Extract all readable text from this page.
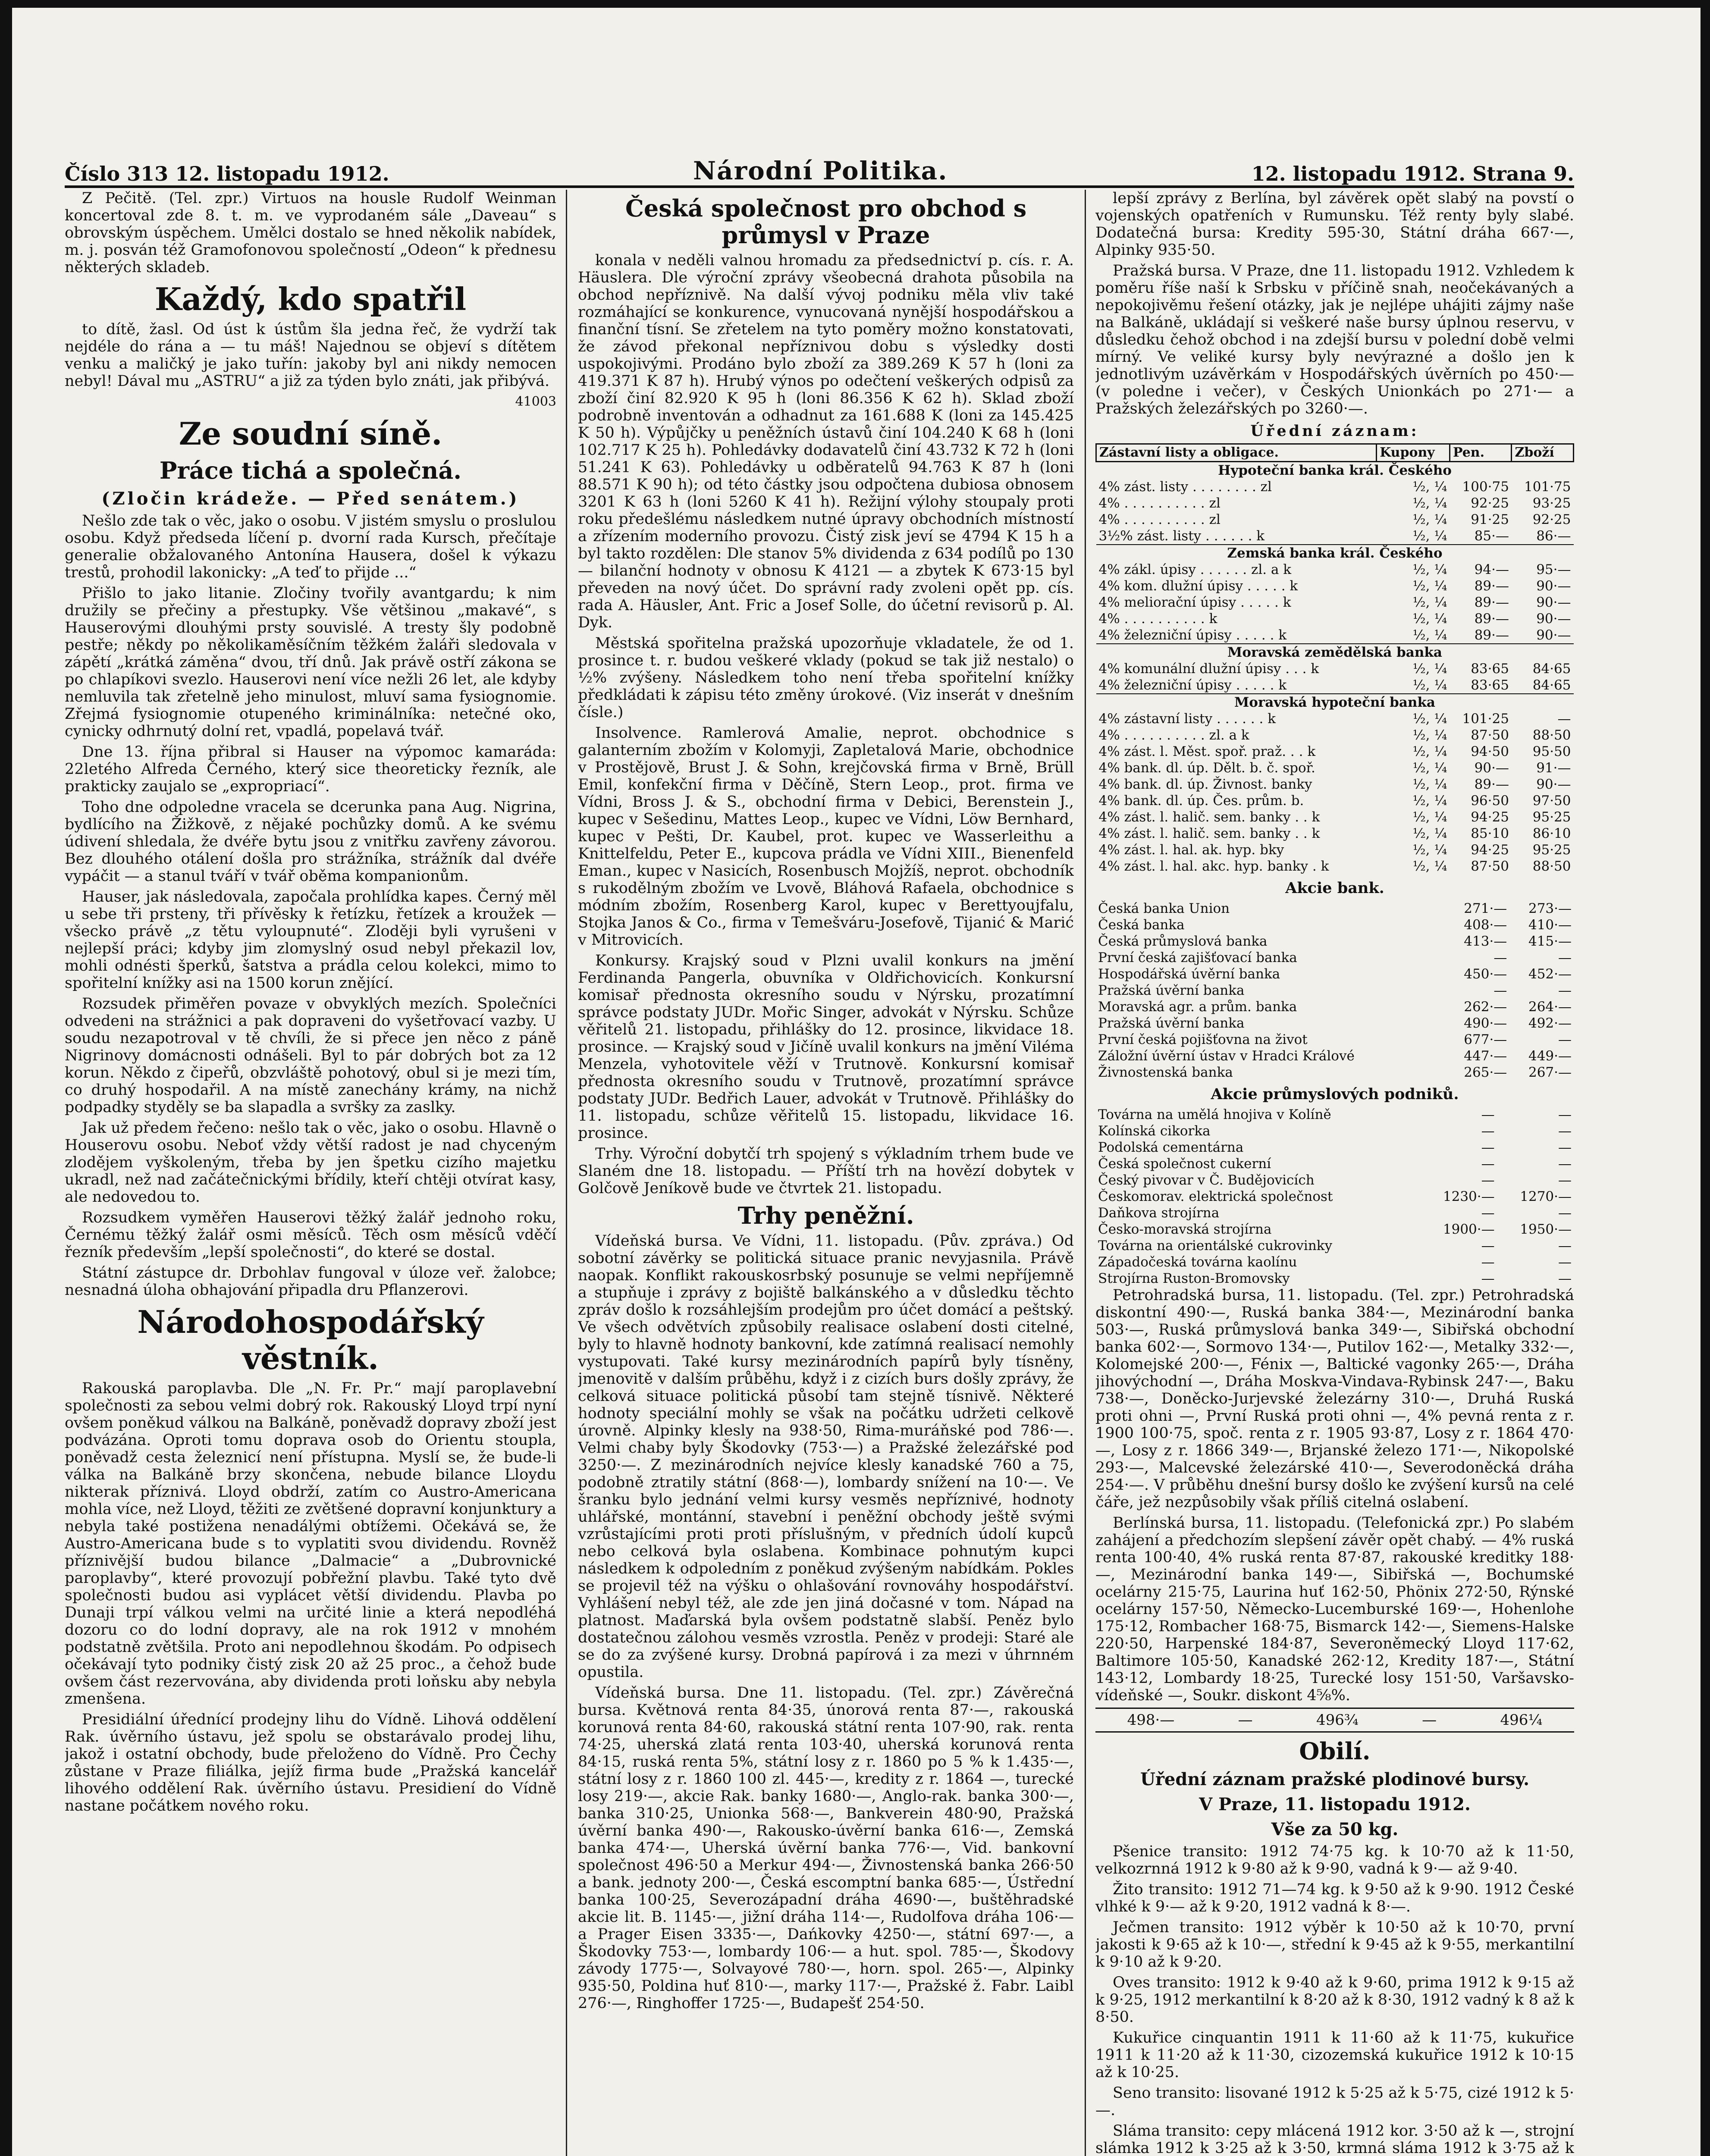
Číslo 313 12. listopadu 1912.	Národní Politika.	12. listopadu 1912. Strana 9.

Z Pečitě. (Tel. zpr.) Virtuos na housle Rudolf Weinman koncertoval zde 8. t. m. ve vyprodaném sále „Daveau“ s obrovským úspěchem. Umělci dostalo se hned několik nabídek, m. j. posván též Gramofonovou společností „Odeon“ k přednesu některých skladeb.

Každý, kdo spatřil

to dítě, žasl. Od úst k ústům šla jedna řeč, že vydrží tak nejdéle do rána a — tu máš! Najednou se objeví s dítětem venku a maličký je jako tuřín: jakoby byl ani nikdy nemocen nebyl! Dával mu „ASTRU“ a již za týden bylo znáti, jak přibývá.

41003
Ze soudní síně.
Práce tichá a společná.
(Zločin krádeže. — Před senátem.)

Nešlo zde tak o věc, jako o osobu. V jistém smyslu o proslulou osobu. Když předseda líčení p. dvorní rada Kursch, přečítaje generalie obžalovaného Antonína Hausera, došel k výkazu trestů, prohodil lakonicky: „A teď to přijde ...“

Přišlo to jako litanie. Zločiny tvořily avantgardu; k nim družily se přečiny a přestupky. Vše většinou „makavé“, s Hauserovými dlouhými prsty souvislé. A tresty šly podobně pestře; někdy po několikaměsíčním těžkém žaláři sledovala v zápětí „krátká záměna“ dvou, tří dnů. Jak právě ostří zákona se po chlapíkovi svezlo. Hauserovi není více nežli 26 let, ale kdyby nemluvila tak zřetelně jeho minulost, mluví sama fysiognomie. Zřejmá fysiognomie otupeného kriminálníka: netečné oko, cynicky odhrnutý dolní ret, vpadlá, popelavá tvář.

Dne 13. října přibral si Hauser na výpomoc kamaráda: 22letého Alfreda Černého, který sice theoreticky řezník, ale prakticky zaujalo se „expropriací“.

Toho dne odpoledne vracela se dcerunka pana Aug. Nigrina, bydlícího na Žižkově, z nějaké pochůzky domů. A ke svému údivení shledala, že dvéře bytu jsou z vnitřku zavřeny závorou. Bez dlouhého otálení došla pro strážníka, strážník dal dvéře vypáčit — a stanul tváří v tvář oběma kompanionům.

Hauser, jak následovala, započala prohlídka kapes. Černý měl u sebe tři prsteny, tři přívěsky k řetízku, řetízek a kroužek — všecko právě „z tětu vyloupnuté“. Zloději byli vyrušeni v nejlepší práci; kdyby jim zlomyslný osud nebyl překazil lov, mohli odnésti šperků, šatstva a prádla celou kolekci, mimo to spořitelní knížky asi na 1500 korun znějící.

Rozsudek přiměřen povaze v obvyklých mezích. Společníci odvedeni na strážnici a pak dopraveni do vyšetřovací vazby. U soudu nezapotroval v tě chvíli, že si přece jen něco z páně Nigrinovy domácnosti odnášeli. Byl to pár dobrých bot za 12 korun. Někdo z čipeřů, obzvláště pohotový, obul si je mezi tím, co druhý hospodařil. A na místě zanechány krámy, na nichž podpadky styděly se ba slapadla a svršky za zaslky.

Jak už předem řečeno: nešlo tak o věc, jako o osobu. Hlavně o Houserovu osobu. Neboť vždy větší radost je nad chyceným zlodějem vyškoleným, třeba by jen špetku cizího majetku ukradl, než nad začátečnickými břídily, kteří chtěji otvírat kasy, ale nedovedou to.

Rozsudkem vyměřen Hauserovi těžký žalář jednoho roku, Černému těžký žalář osmi měsíců. Těch osm měsíců vděčí řezník především „lepší společnosti“, do které se dostal.

Státní zástupce dr. Drbohlav fungoval v úloze veř. žalobce; nesnadná úloha obhajování připadla dru Pflanzerovi.

Národohospodářský věstník.

Rakouská paroplavba. Dle „N. Fr. Pr.“ mají paroplavební společnosti za sebou velmi dobrý rok. Rakouský Lloyd trpí nyní ovšem poněkud válkou na Balkáně, poněvadž dopravy zboží jest podvázána. Oproti tomu doprava osob do Orientu stoupla, poněvadž cesta železnicí není přístupna. Myslí se, že bude-li válka na Balkáně brzy skončena, nebude bilance Lloydu nikterak příznivá. Lloyd obdrží, zatím co Austro-Americana mohla více, než Lloyd, těžiti ze zvětšené dopravní konjunktury a nebyla také postižena nenadálými obtížemi. Očekává se, že Austro-Americana bude s to vyplatiti svou dividendu. Rovněž příznivější budou bilance „Dalmacie“ a „Dubrovnické paroplavby“, které provozují pobřežní plavbu. Také tyto dvě společnosti budou asi vyplácet větší dividendu. Plavba po Dunaji trpí válkou velmi na určité linie a která nepodléhá dozoru co do lodní dopravy, ale na rok 1912 v mnohém podstatně zvětšila. Proto ani nepodlehnou škodám. Po odpisech očekávají tyto podniky čistý zisk 20 až 25 proc., a čehož bude ovšem část rezervována, aby dividenda proti loňsku aby nebyla zmenšena.

Presidiální úřednící prodejny lihu do Vídně. Lihová oddělení Rak. úvěrního ústavu, jež spolu se obstarávalo prodej lihu, jakož i ostatní obchody, bude přeloženo do Vídně. Pro Čechy zůstane v Praze filiálka, jejíž firma bude „Pražská kancelář lihového oddělení Rak. úvěrního ústavu. Presidiení do Vídně nastane počátkem nového roku.

Česká společnost pro obchod s průmysl v Praze

konala v neděli valnou hromadu za předsednictví p. cís. r. A. Häuslera. Dle výroční zprávy všeobecná drahota působila na obchod nepříznivě. Na další vývoj podniku měla vliv také rozmáhající se konkurence, vynucovaná nynější hospodářskou a finanční tísní. Se zřetelem na tyto poměry možno konstatovati, že závod překonal nepříznivou dobu s výsledky dosti uspokojivými. Prodáno bylo zboží za 389.269 K 57 h (loni za 419.371 K 87 h). Hrubý výnos po odečtení veškerých odpisů za zboží činí 82.920 K 95 h (loni 86.356 K 62 h). Sklad zboží podrobně inventován a odhadnut za 161.688 K (loni za 145.425 K 50 h). Výpůjčky u peněžních ústavů činí 104.240 K 68 h (loni 102.717 K 25 h). Pohledávky dodavatelů činí 43.732 K 72 h (loni 51.241 K 63). Pohledávky u odběratelů 94.763 K 87 h (loni 88.571 K 90 h); od této částky jsou odpočtena dubiosa obnosem 3201 K 63 h (loni 5260 K 41 h). Režijní výlohy stoupaly proti roku předešlému následkem nutné úpravy obchodních místností a zřízením moderního provozu. Čistý zisk jeví se 4794 K 15 h a byl takto rozdělen: Dle stanov 5% dividenda z 634 podílů po 130 — bilanční hodnoty v obnosu K 4121 — a zbytek K 673·15 byl převeden na nový účet. Do správní rady zvoleni opět pp. cís. rada A. Häusler, Ant. Fric a Josef Solle, do účetní revisorů p. Al. Dyk.

Městská spořitelna pražská upozorňuje vkladatele, že od 1. prosince t. r. budou veškeré vklady (pokud se tak již nestalo) o ½% zvýšeny. Následkem toho není třeba spořitelní knížky předkládati k zápisu této změny úrokové. (Viz inserát v dnešním čísle.)

Insolvence. Ramlerová Amalie, neprot. obchodnice s galanterním zbožím v Kolomyji, Zapletalová Marie, obchodnice v Prostějově, Brust J. & Sohn, krejčovská firma v Brně, Brüll Emil, konfekční firma v Děčíně, Stern Leop., prot. firma ve Vídni, Bross J. & S., obchodní firma v Debici, Berenstein J., kupec v Sešedinu, Mattes Leop., kupec ve Vídni, Löw Bernhard, kupec v Pešti, Dr. Kaubel, prot. kupec ve Wasserleithu a Knittelfeldu, Peter E., kupcova prádla ve Vídni XIII., Bienenfeld Eman., kupec v Nasicích, Rosenbusch Mojžíš, neprot. obchodník s rukodělným zbožím ve Lvově, Bláhová Rafaela, obchodnice s módním zbožím, Rosenberg Karol, kupec v Berettyoujfalu, Stojka Janos & Co., firma v Temešváru-Josefově, Tijanić & Marić v Mitrovicích.

Konkursy. Krajský soud v Plzni uvalil konkurs na jmění Ferdinanda Pangerla, obuvníka v Oldřichovicích. Konkursní komisař přednosta okresního soudu v Nýrsku, prozatímní správce podstaty JUDr. Mořic Singer, advokát v Nýrsku. Schůze věřitelů 21. listopadu, přihlášky do 12. prosince, likvidace 18. prosince. — Krajský soud v Jičíně uvalil konkurs na jmění Viléma Menzela, vyhotovitele věží v Trutnově. Konkursní komisař přednosta okresního soudu v Trutnově, prozatímní správce podstaty JUDr. Bedřich Lauer, advokát v Trutnově. Přihlášky do 11. listopadu, schůze věřitelů 15. listopadu, likvidace 16. prosince.

Trhy. Výroční dobytčí trh spojený s výkladním trhem bude ve Slaném dne 18. listopadu. — Příští trh na hovězí dobytek v Golčově Jeníkově bude ve čtvrtek 21. listopadu.

Trhy peněžní.

Vídeňská bursa. Ve Vídni, 11. listopadu. (Pův. zpráva.) Od sobotní závěrky se politická situace pranic nevyjasnila. Právě naopak. Konflikt rakouskosrbský posunuje se velmi nepříjemně a stupňuje i zprávy z bojiště balkánského a v důsledku těchto zpráv došlo k rozsáhlejším prodejům pro účet domácí a peštský. Ve všech odvětvích způsobily realisace oslabení dosti citelné, byly to hlavně hodnoty bankovní, kde zatímná realisací nemohly vystupovati. Také kursy mezinárodních papírů byly tísněny, jmenovitě v dalším průběhu, když i z cizích burs došly zprávy, že celková situace politická působí tam stejně tísnivě. Některé hodnoty speciální mohly se však na počátku udržeti celkově úrovně. Alpinky klesly na 938·50, Rima-muráňské pod 786·—. Velmi chaby byly Škodovky (753·—) a Pražské železářské pod 3250·—. Z mezinárodních nejvíce klesly kanadské 760 a 75, podobně ztratily státní (868·—), lombardy snížení na 10·—. Ve šranku bylo jednání velmi kursy vesměs nepříznivé, hodnoty uhlářské, montánní, stavební i peněžní obchody ještě svými vzrůstajícími proti proti příslušným, v předních údolí kupců nebo celková byla oslabena. Kombinace pohnutým kupci následkem k odpoledním z poněkud zvýšeným nabídkám. Pokles se projevil též na výšku o ohlašování rovnováhy hospodářství. Vyhlášení nebyl též, ale zde jen jiná dočasné v tom. Nápad na platnost. Maďarská byla ovšem podstatně slabší. Peněz bylo dostatečnou zálohou vesměs vzrostla. Peněz v prodeji: Staré ale se do za zvýšené kursy. Drobná papírová i za mezi v úhrnném opustila.

Vídeňská bursa. Dne 11. listopadu. (Tel. zpr.) Závěrečná bursa. Květnová renta 84·35, únorová renta 87·—, rakouská korunová renta 84·60, rakouská státní renta 107·90, rak. renta 74·25, uherská zlatá renta 103·40, uherská korunová renta 84·15, ruská renta 5%, státní losy z r. 1860 po 5 % k 1.435·—, státní losy z r. 1860 100 zl. 445·—, kredity z r. 1864 —, turecké losy 219·—, akcie Rak. banky 1680·—, Anglo-rak. banka 300·—, banka 310·25, Unionka 568·—, Bankverein 480·90, Pražská úvěrní banka 490·—, Rakousko-úvěrní banka 616·—, Zemská banka 474·—, Uherská úvěrní banka 776·—, Vid. bankovní společnost 496·50 a Merkur 494·—, Živnostenská banka 266·50 a bank. jednoty 200·—, Česká escomptní banka 685·—, Ústřední banka 100·25, Severozápadní dráha 4690·—, buštěhradské akcie lit. B. 1145·—, jižní dráha 114·—, Rudolfova dráha 106·— a Prager Eisen 3335·—, Dańkovky 4250·—, státní 697·—, a Škodovky 753·—, lombardy 106·— a hut. spol. 785·—, Škodovy závody 1775·—, Solvayové 780·—, horn. spol. 265·—, Alpinky 935·50, Poldina huť 810·—, marky 117·—, Pražské ž. Fabr. Laibl 276·—, Ringhoffer 1725·—, Budapešť 254·50.

lepší zprávy z Berlína, byl závěrek opět slabý na povstí o vojenských opatřeních v Rumunsku. Též renty byly slabé. Dodatečná bursa: Kredity 595·30, Státní dráha 667·—, Alpinky 935·50.

Pražská bursa. V Praze, dne 11. listopadu 1912. Vzhledem k poměru říše naší k Srbsku v příčině snah, neočekávaných a nepokojivěmu řešení otázky, jak je nejlépe uhájiti zájmy naše na Balkáně, ukládají si veškeré naše bursy úplnou reservu, v důsledku čehož obchod i na zdejší bursu v polední době velmi mírný. Ve veliké kursy byly nevýrazné a došlo jen k jednotlivým uzávěrkám v Hospodářských úvěrních po 450·— (v poledne i večer), v Českých Unionkách po 271·— a Pražských železářských po 3260·—.

Úřední záznam:
Zástavní listy a obligace.	Kupony	Pen.	Zboží
Hypoteční banka král. Českého			
4% zást. listy . . . . . . . . zl	½, ¼	100·75	101·75
4% . . . . . . . . . . zl	½, ¼	92·25	93·25
4% . . . . . . . . . . zl	½, ¼	91·25	92·25
3½% zást. listy . . . . . . k	½, ¼	85·—	86·—
Zemská banka král. Českého			
4% zákl. úpisy . . . . . . zl. a k	½, ¼	94·—	95·—
4% kom. dlužní úpisy . . . . . k	½, ¼	89·—	90·—
4% meliorační úpisy . . . . . k	½, ¼	89·—	90·—
4% . . . . . . . . . . k	½, ¼	89·—	90·—
4% železniční úpisy . . . . . k	½, ¼	89·—	90·—
Moravská zemědělská banka			
4% komunální dlužní úpisy . . . k	½, ¼	83·65	84·65
4% železniční úpisy . . . . . k	½, ¼	83·65	84·65
Moravská hypoteční banka			
4% zástavní listy . . . . . . k	½, ¼	101·25	—
4% . . . . . . . . . . zl. a k	½, ¼	87·50	88·50
4% zást. l. Měst. spoř. praž. . . k	½, ¼	94·50	95·50
4% bank. dl. úp. Dělt. b. č. spoř.	½, ¼	90·—	91·—
4% bank. dl. úp. Živnost. banky	½, ¼	89·—	90·—
4% bank. dl. úp. Čes. prům. b.	½, ¼	96·50	97·50
4% zást. l. halič. sem. banky . . k	½, ¼	94·25	95·25
4% zást. l. halič. sem. banky . . k	½, ¼	85·10	86·10
4% zást. l. hal. ak. hyp. bky	½, ¼	94·25	95·25
4% zást. l. hal. akc. hyp. banky . k	½, ¼	87·50	88·50
Akcie bank.
Česká banka Union	271·—	273·—
Česká banka	408·—	410·—
Česká průmyslová banka	413·—	415·—
První česká zajišťovací banka	—	—
Hospodářská úvěrní banka	450·—	452·—
Pražská úvěrní banka	—	—
Moravská agr. a prům. banka	262·—	264·—
Pražská úvěrní banka	490·—	492·—
První česká pojišťovna na život	677·—	—
Záložní úvěrní ústav v Hradci Králové	447·—	449·—
Živnostenská banka	265·—	267·—
Akcie průmyslových podniků.
Továrna na umělá hnojiva v Kolíně	—	—
Kolínská cikorka	—	—
Podolská cementárna	—	—
Česká společnost cukerní	—	—
Český pivovar v Č. Budějovicích	—	—
Českomorav. elektrická společnost	1230·—	1270·—
Daňkova strojírna	—	—
Česko-moravská strojírna	1900·—	1950·—
Továrna na orientálské cukrovinky	—	—
Západočeská továrna kaolínu	—	—
Strojírna Ruston-Bromovsky	—	—

Petrohradská bursa, 11. listopadu. (Tel. zpr.) Petrohradská diskontní 490·—, Ruská banka 384·—, Mezinárodní banka 503·—, Ruská průmyslová banka 349·—, Sibiřská obchodní banka 602·—, Sormovo 134·—, Putilov 162·—, Metalky 332·—, Kolomejské 200·—, Fénix —, Baltické vagonky 265·—, Dráha jihovýchodní —, Dráha Moskva-Vindava-Rybinsk 247·—, Baku 738·—, Doněcko-Jurjevské železárny 310·—, Druhá Ruská proti ohni —, První Ruská proti ohni —, 4% pevná renta z r. 1900 100·75, spoč. renta z r. 1905 93·87, Losy z r. 1864 470·—, Losy z r. 1866 349·—, Brjanské železo 171·—, Nikopolské 293·—, Malcevské železárské 410·—, Severodoněcká dráha 254·—. V průběhu dnešní bursy došlo ke zvýšení kursů na celé čáře, jež nezpůsobily však příliš citelná oslabení.

Berlínská bursa, 11. listopadu. (Telefonická zpr.) Po slabém zahájení a předchozím slepšení závěr opět chabý. — 4% ruská renta 100·40, 4% ruská renta 87·87, rakouské kreditky 188·—, Mezinárodní banka 149·—, Sibiřská —, Bochumské ocelárny 215·75, Laurina huť 162·50, Phönix 272·50, Rýnské ocelárny 157·50, Německo-Lucemburské 169·—, Hohenlohe 175·12, Rombacher 168·75, Bismarck 142·—, Siemens-Halske 220·50, Harpenské 184·87, Severoněmecký Lloyd 117·62, Baltimore 105·50, Kanadské 262·12, Kredity 187·—, Státní 143·12, Lombardy 18·25, Turecké losy 151·50, Varšavsko-vídeňské —, Soukr. diskont 4⅝%.

498·—	—	496¾	—	496¼
Obilí.
Úřední záznam pražské plodinové bursy.
V Praze, 11. listopadu 1912.
Vše za 50 kg.

Pšenice transito: 1912 74·75 kg. k 10·70 až k 11·50, velkozrnná 1912 k 9·80 až k 9·90, vadná k 9·— až 9·40.

Žito transito: 1912 71—74 kg. k 9·50 až k 9·90. 1912 České vlhké k 9·— až k 9·20, 1912 vadná k 8·—.

Ječmen transito: 1912 výběr k 10·50 až k 10·70, první jakosti k 9·65 až k 10·—, střední k 9·45 až k 9·55, merkantilní k 9·10 až k 9·20.

Oves transito: 1912 k 9·40 až k 9·60, prima 1912 k 9·15 až k 9·25, 1912 merkantilní k 8·20 až k 8·30, 1912 vadný k 8 až k 8·50.

Kukuřice cinquantin 1911 k 11·60 až k 11·75, kukuřice 1911 k 11·20 až k 11·30, cizozemská kukuřice 1912 k 10·15 až k 10·25.

Seno transito: lisované 1912 k 5·25 až k 5·75, cizé 1912 k 5·—.

Sláma transito: cepy mlácená 1912 kor. 3·50 až k —, strojní slámka 1912 k 3·25 až k 3·50, krmná sláma 1912 k 3·75 až k
